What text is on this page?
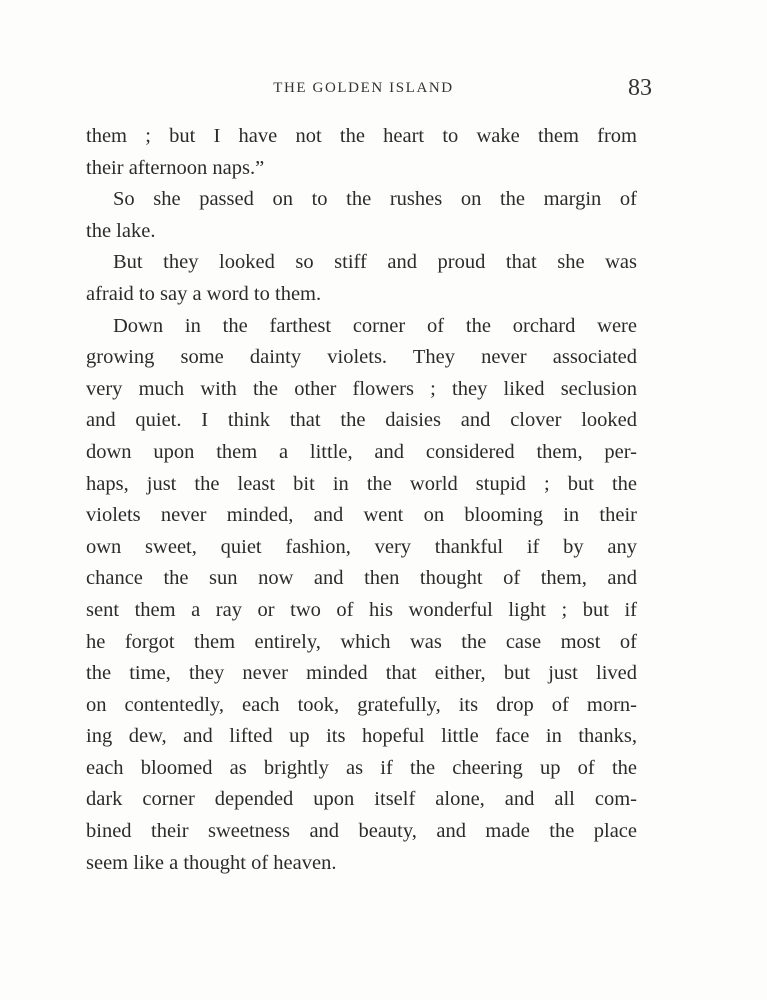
THE GOLDEN ISLAND	83

them ; but I have not the heart to wake them from
their afternoon naps.”

So she passed on to the rushes on the margin of
the lake.

But they looked so stiff and proud that she was
afraid to say a word to them.

Down in the farthest corner of the orchard were
growing some dainty violets. They never associated
very much with the other flowers ; they liked seclusion
and quiet. I think that the daisies and clover looked
down upon them a little, and considered them, per-
haps, just the least bit in the world stupid ; but the
violets never minded, and went on blooming in their
own sweet, quiet fashion, very thankful if by any
chance the sun now and then thought of them, and
sent them a ray or two of his wonderful light ; but if
he forgot them entirely, which was the case most of
the time, they never minded that either, but just lived
on contentedly, each took, gratefully, its drop of morn-
ing dew, and lifted up its hopeful little face in thanks,
each bloomed as brightly as if the cheering up of the
dark corner depended upon itself alone, and all com-
bined their sweetness and beauty, and made the place
seem like a thought of heaven.
